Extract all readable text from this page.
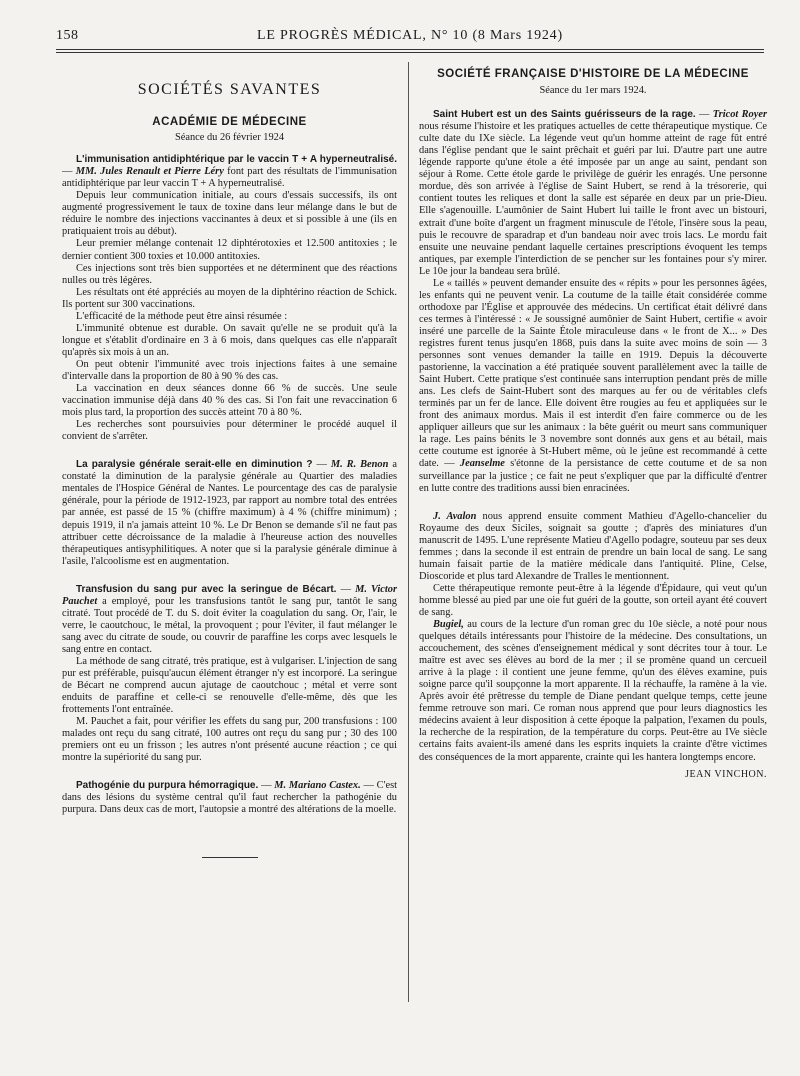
158	LE PROGRÈS MÉDICAL, N° 10 (8 Mars 1924)
SOCIÉTÉS SAVANTES
ACADÉMIE DE MÉDECINE
Séance du 26 février 1924

L'immunisation antidiphtérique par le vaccin T + A hyperneutralisé. — MM. Jules Renault et Pierre Léry font part des résultats de l'immunisation antidiphtérique par leur vaccin T + A hyperneutralisé.

Depuis leur communication initiale, au cours d'essais successifs, ils ont augmenté progressivement le taux de toxine dans leur mélange dans le but de réduire le nombre des injections vaccinantes à deux et si possible à une (ils en pratiquaient trois au début).

Leur premier mélange contenait 12 diphtérotoxies et 12.500 antitoxies ; le dernier contient 300 toxies et 10.000 antitoxies.

Ces injections sont très bien supportées et ne déterminent que des réactions nulles ou très légères.

Les résultats ont été appréciés au moyen de la diphtérino réaction de Schick. Ils portent sur 300 vaccinations.

L'efficacité de la méthode peut être ainsi résumée :

L'immunité obtenue est durable. On savait qu'elle ne se produit qu'à la longue et s'établit d'ordinaire en 3 à 6 mois, dans quelques cas elle n'apparaît qu'après six mois à un an.

On peut obtenir l'immunité avec trois injections faites à une semaine d'intervalle dans la proportion de 80 à 90 % des cas.

La vaccination en deux séances donne 66 % de succès. Une seule vaccination immunise déjà dans 40 % des cas. Si l'on fait une revaccination 6 mois plus tard, la proportion des succès atteint 70 à 80 %.

Les recherches sont poursuivies pour déterminer le procédé auquel il convient de s'arrêter.

La paralysie générale serait-elle en diminution ? — M. R. Benon a constaté la diminution de la paralysie générale au Quartier des maladies mentales de l'Hospice Général de Nantes. Le pourcentage des cas de paralysie générale, pour la période de 1912-1923, par rapport au nombre total des entrées par année, est passé de 15 % (chiffre maximum) à 4 % (chiffre minimum) ; depuis 1919, il n'a jamais atteint 10 %. Le Dr Benon se demande s'il ne faut pas attribuer cette décroissance de la maladie à l'heureuse action des nouvelles thérapeutiques antisyphilitiques. A noter que si la paralysie générale diminue à l'asile, l'alcoolisme est en augmentation.

Transfusion du sang pur avec la seringue de Bécart. — M. Victor Pauchet a employé, pour les transfusions tantôt le sang pur, tantôt le sang citraté. Tout procédé de T. du S. doit éviter la coagulation du sang. Or, l'air, le verre, le caoutchouc, le métal, la provoquent ; pour l'éviter, il faut mélanger le sang avec du citrate de soude, ou couvrir de paraffine les corps avec lesquels le sang entre en contact.

La méthode de sang citraté, très pratique, est à vulgariser. L'injection de sang pur est préférable, puisqu'aucun élément étranger n'y est incorporé. La seringue de Bécart ne comprend aucun ajutage de caoutchouc ; métal et verre sont enduits de paraffine et celle-ci se renouvelle d'elle-même, dès que les frottements l'ont entraînée.

M. Pauchet a fait, pour vérifier les effets du sang pur, 200 transfusions : 100 malades ont reçu du sang citraté, 100 autres ont reçu du sang pur ; 30 des 100 premiers ont eu un frisson ; les autres n'ont présenté aucune réaction ; ce qui montre la supériorité du sang pur.

Pathogénie du purpura hémorragique. — M. Mariano Castex. — C'est dans des lésions du système central qu'il faut rechercher la pathogénie du purpura. Dans deux cas de mort, l'autopsie a montré des altérations de la moelle.

SOCIÉTÉ FRANÇAISE D'HISTOIRE DE LA MÉDECINE
Séance du 1er mars 1924.

Saint Hubert est un des Saints guérisseurs de la rage. — Tricot Royer nous résume l'histoire et les pratiques actuelles de cette thérapeutique mystique. Ce culte date du IXe siècle. La légende veut qu'un homme atteint de rage fût entré dans l'église pendant que le saint prêchait et guéri par lui. D'autre part une autre légende rapporte qu'une étole a été imposée par un ange au saint, pendant son séjour à Rome. Cette étole garde le privilège de guérir les enragés. Une personne mordue, dès son arrivée à l'église de Saint Hubert, se rend à la trésorerie, qui contient toutes les reliques et dont la salle est séparée en deux par un prie-Dieu. Elle s'agenouille. L'aumônier de Saint Hubert lui taille le front avec un bistouri, extrait d'une boîte d'argent un fragment minuscule de l'étole, l'insère sous la peau, puis le recouvre de sparadrap et d'un bandeau noir avec trois lacs. Le mordu fait ensuite une neuvaine pendant laquelle certaines prescriptions évoquent les temps antiques, par exemple l'interdiction de se pencher sur les fontaines pour s'y mirer. Le 10e jour la bandeau sera brûlé.

Le « taillés » peuvent demander ensuite des « répits » pour les personnes âgées, les enfants qui ne peuvent venir. La coutume de la taille était considérée comme orthodoxe par l'Église et approuvée des médecins. Un certificat était délivré dans ces termes à l'intéressé : « Je soussigné aumônier de Saint Hubert, certifie « avoir inséré une parcelle de la Sainte Étole miraculeuse dans « le front de X... » Des registres furent tenus jusqu'en 1868, puis dans la suite avec moins de soin — 3 personnes sont venues demander la taille en 1919. Depuis la découverte pastorienne, la vaccination a été pratiquée souvent parallèlement avec la taille de Saint Hubert. Cette pratique s'est continuée sans interruption pendant près de mille ans. Les clefs de Saint-Hubert sont des marques au fer ou de véritables clefs terminés par un fer de lance. Elle doivent être rougies au feu et appliquées sur le front des animaux mordus. Mais il est interdit d'en faire commerce ou de les appliquer ailleurs que sur les animaux : la bête guérit ou meurt sans communiquer la rage. Les pains bénits le 3 novembre sont donnés aux gens et au bétail, mais cette coutume est ignorée à St-Hubert même, où le jeûne est recommandé à cette date. — Jeanselme s'étonne de la persistance de cette coutume et de sa non surveillance par la justice ; ce fait ne peut s'expliquer que par la difficulté d'entrer en lutte contre des traditions aussi bien enracinées.

J. Avalon nous apprend ensuite comment Mathieu d'Agello-chancelier du Royaume des deux Siciles, soignait sa goutte ; d'après des miniatures d'un manuscrit de 1495. L'une représente Matieu d'Agello podagre, souteuu par ses deux femmes ; dans la seconde il est entrain de prendre un bain local de sang. Le sang humain faisait partie de la matière médicale dans l'antiquité. Pline, Celse, Dioscoride et plus tard Alexandre de Tralles le mentionnent.

Cette thérapeutique remonte peut-être à la légende d'Épidaure, qui veut qu'un homme blessé au pied par une oie fut guéri de la goutte, son orteil ayant été couvert de sang.

Bugiel, au cours de la lecture d'un roman grec du 10e siècle, a noté pour nous quelques détails intéressants pour l'histoire de la médecine. Des consultations, un accouchement, des scènes d'enseignement médical y sont décrites tour à tour. Le maître est avec ses élèves au bord de la mer ; il se promène quand un cercueil arrive à la plage : il contient une jeune femme, qu'un des élèves examine, puis soigne parce qu'il soupçonne la mort apparente. Il la réchauffe, la ramène à la vie. Après avoir été prêtresse du temple de Diane pendant quelque temps, cette jeune femme retrouve son mari. Ce roman nous apprend que pour leurs diagnostics les médecins avaient à leur disposition à cette époque la palpation, l'examen du pouls, la recherche de la respiration, de la température du corps. Peut-être au IVe siècle certains faits avaient-ils amené dans les esprits inquiets la crainte d'être victimes des conséquences de la mort apparente, crainte qui les hantera longtemps encore.

JEAN VINCHON.
